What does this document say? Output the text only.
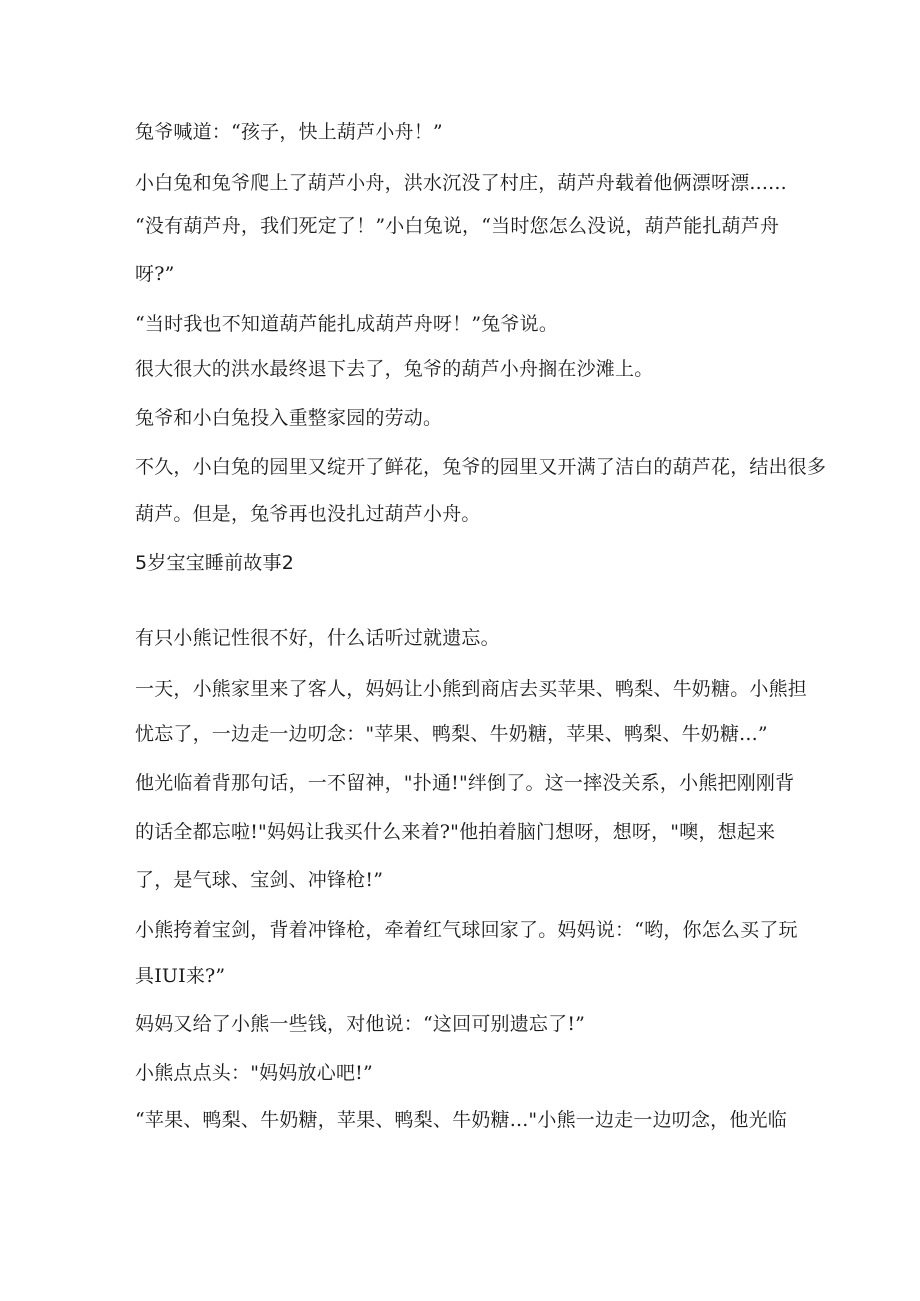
兔爷喊道：“孩子，快上葫芦小舟！”
小白兔和兔爷爬上了葫芦小舟，洪水沉没了村庄，葫芦舟载着他俩漂呀漂......
“没有葫芦舟，我们死定了！”小白兔说，“当时您怎么没说，葫芦能扎葫芦舟
呀?”
“当时我也不知道葫芦能扎成葫芦舟呀！”兔爷说。
很大很大的洪水最终退下去了，兔爷的葫芦小舟搁在沙滩上。
兔爷和小白兔投入重整家园的劳动。
不久，小白兔的园里又绽开了鲜花，兔爷的园里又开满了洁白的葫芦花，结出很多
葫芦。但是，兔爷再也没扎过葫芦小舟。
5岁宝宝睡前故事2
有只小熊记性很不好，什么话听过就遗忘。
一天，小熊家里来了客人，妈妈让小熊到商店去买苹果、鸭梨、牛奶糖。小熊担
忧忘了，一边走一边叨念："苹果、鸭梨、牛奶糖，苹果、鸭梨、牛奶糖...”
他光临着背那句话，一不留神，"扑通!"绊倒了。这一摔没关系，小熊把刚刚背
的话全都忘啦!"妈妈让我买什么来着?"他拍着脑门想呀，想呀，"噢，想起来
了，是气球、宝剑、冲锋枪!”
小熊挎着宝剑，背着冲锋枪，牵着红气球回家了。妈妈说：“哟，你怎么买了玩
具IUI来?”
妈妈又给了小熊一些钱，对他说：“这回可别遗忘了!”
小熊点点头："妈妈放心吧!”
“苹果、鸭梨、牛奶糖，苹果、鸭梨、牛奶糖..."小熊一边走一边叨念，他光临
